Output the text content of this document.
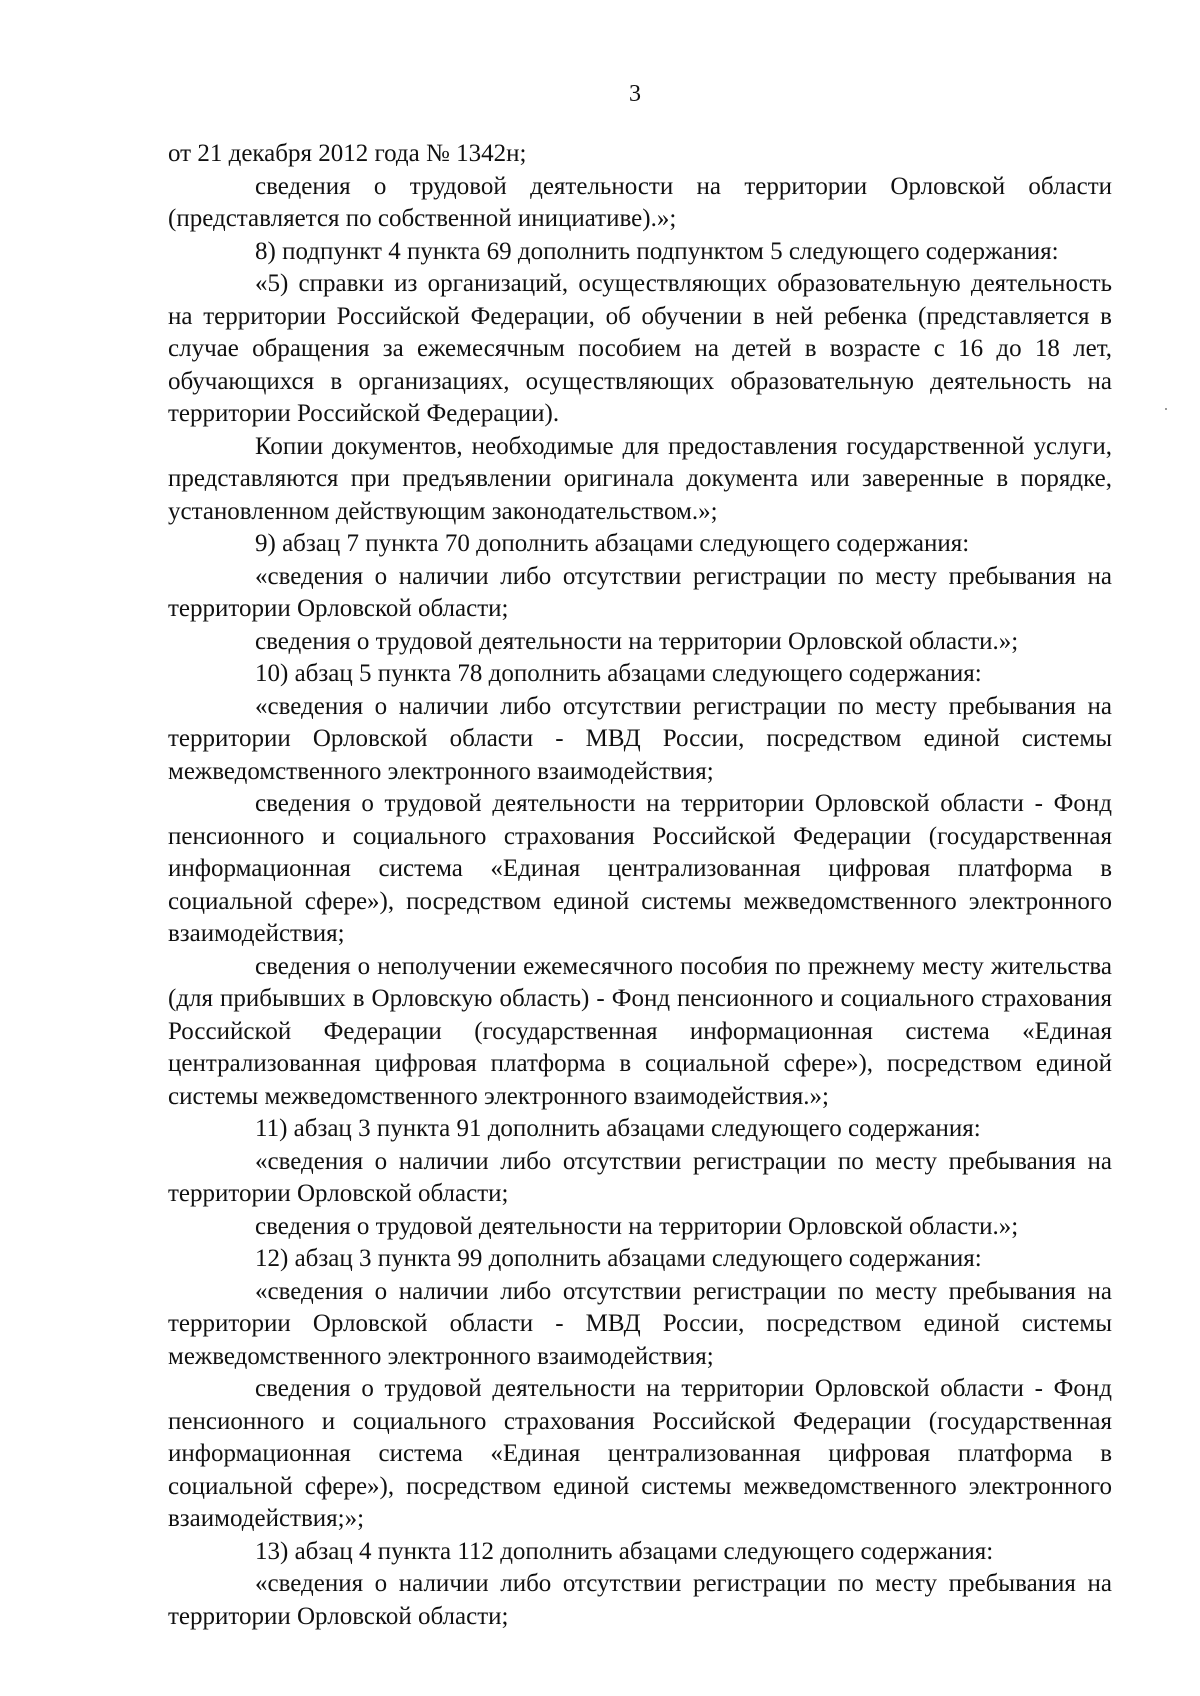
3

от 21 декабря 2012 года № 1342н;

сведения о трудовой деятельности на территории Орловской области (представляется по собственной инициативе).»;

8) подпункт 4 пункта 69 дополнить подпунктом 5 следующего содержания:

«5) справки из организаций, осуществляющих образовательную деятельность на территории Российской Федерации, об обучении в ней ребенка (представляется в случае обращения за ежемесячным пособием на детей в возрасте с 16 до 18 лет, обучающихся в организациях, осуществляющих образовательную деятельность на территории Российской Федерации).

Копии документов, необходимые для предоставления государственной услуги, представляются при предъявлении оригинала документа или заверенные в порядке, установленном действующим законодательством.»;

9) абзац 7 пункта 70 дополнить абзацами следующего содержания:

«сведения о наличии либо отсутствии регистрации по месту пребывания на территории Орловской области;

сведения о трудовой деятельности на территории Орловской области.»;

10) абзац 5 пункта 78 дополнить абзацами следующего содержания:

«сведения о наличии либо отсутствии регистрации по месту пребывания на территории Орловской области - МВД России, посредством единой системы межведомственного электронного взаимодействия;

сведения о трудовой деятельности на территории Орловской области - Фонд пенсионного и социального страхования Российской Федерации (государственная информационная система «Единая централизованная цифровая платформа в социальной сфере»), посредством единой системы межведомственного электронного взаимодействия;

сведения о неполучении ежемесячного пособия по прежнему месту жительства (для прибывших в Орловскую область) - Фонд пенсионного и социального страхования Российской Федерации (государственная информационная система «Единая централизованная цифровая платформа в социальной сфере»), посредством единой системы межведомственного электронного взаимодействия.»;

11) абзац 3 пункта 91 дополнить абзацами следующего содержания:

«сведения о наличии либо отсутствии регистрации по месту пребывания на территории Орловской области;

сведения о трудовой деятельности на территории Орловской области.»;

12) абзац 3 пункта 99 дополнить абзацами следующего содержания:

«сведения о наличии либо отсутствии регистрации по месту пребывания на территории Орловской области - МВД России, посредством единой системы межведомственного электронного взаимодействия;

сведения о трудовой деятельности на территории Орловской области - Фонд пенсионного и социального страхования Российской Федерации (государственная информационная система «Единая централизованная цифровая платформа в социальной сфере»), посредством единой системы межведомственного электронного взаимодействия;»;

13) абзац 4 пункта 112 дополнить абзацами следующего содержания:

«сведения о наличии либо отсутствии регистрации по месту пребывания на территории Орловской области;
